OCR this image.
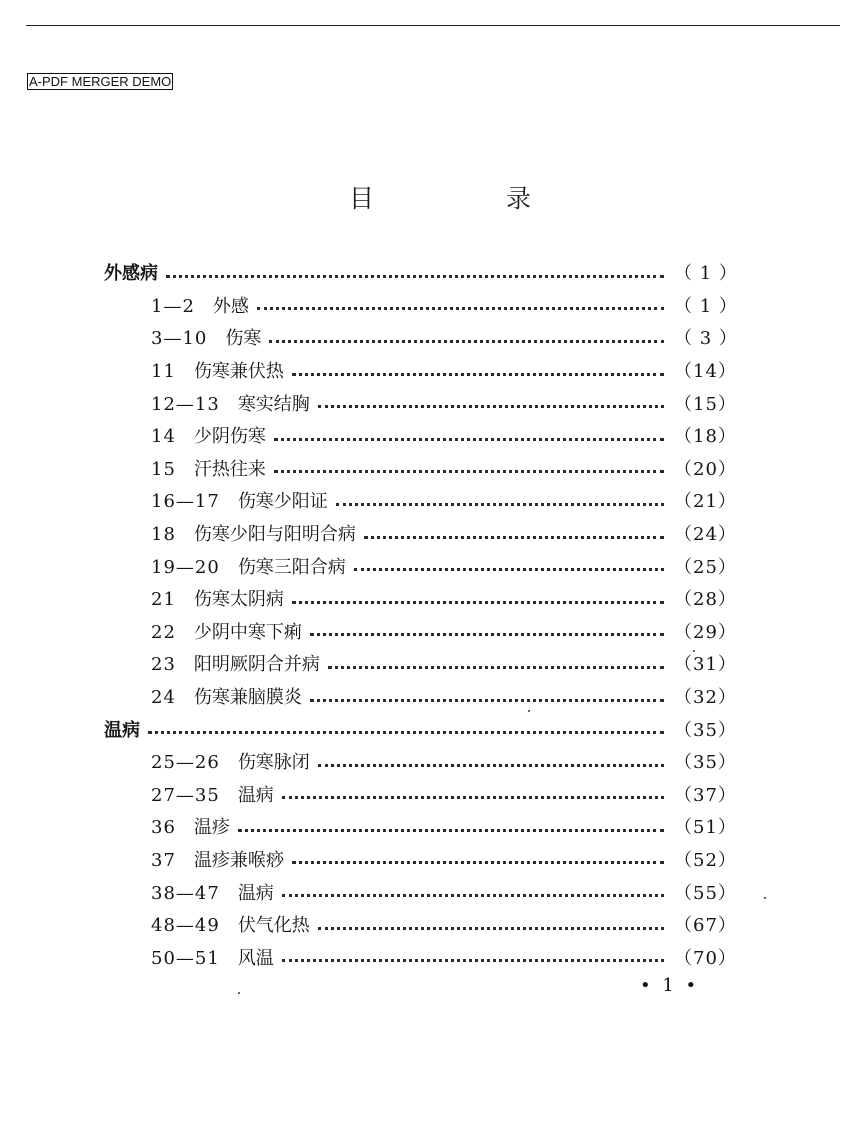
A-PDF MERGER DEMO
目 录
外感病	（ 1 ）
1—2 外感	（ 1 ）
3—10 伤寒	（ 3 ）
11 伤寒兼伏热	（14）
12—13 寒实结胸	（15）
14 少阴伤寒	（18）
15 汗热往来	（20）
16—17 伤寒少阳证	（21）
18 伤寒少阳与阳明合病	（24）
19—20 伤寒三阳合病	（25）
21 伤寒太阴病	（28）
22 少阴中寒下痢	（29）
23 阳明厥阴合并病	（31）
24 伤寒兼脑膜炎	（32）
温病	（35）
25—26 伤寒脉闭	（35）
27—35 温病	（37）
36 温疹	（51）
37 温疹兼喉痧	（52）
38—47 温病	（55）
48—49 伏气化热	（67）
50—51 风温	（70）
• 1 •
